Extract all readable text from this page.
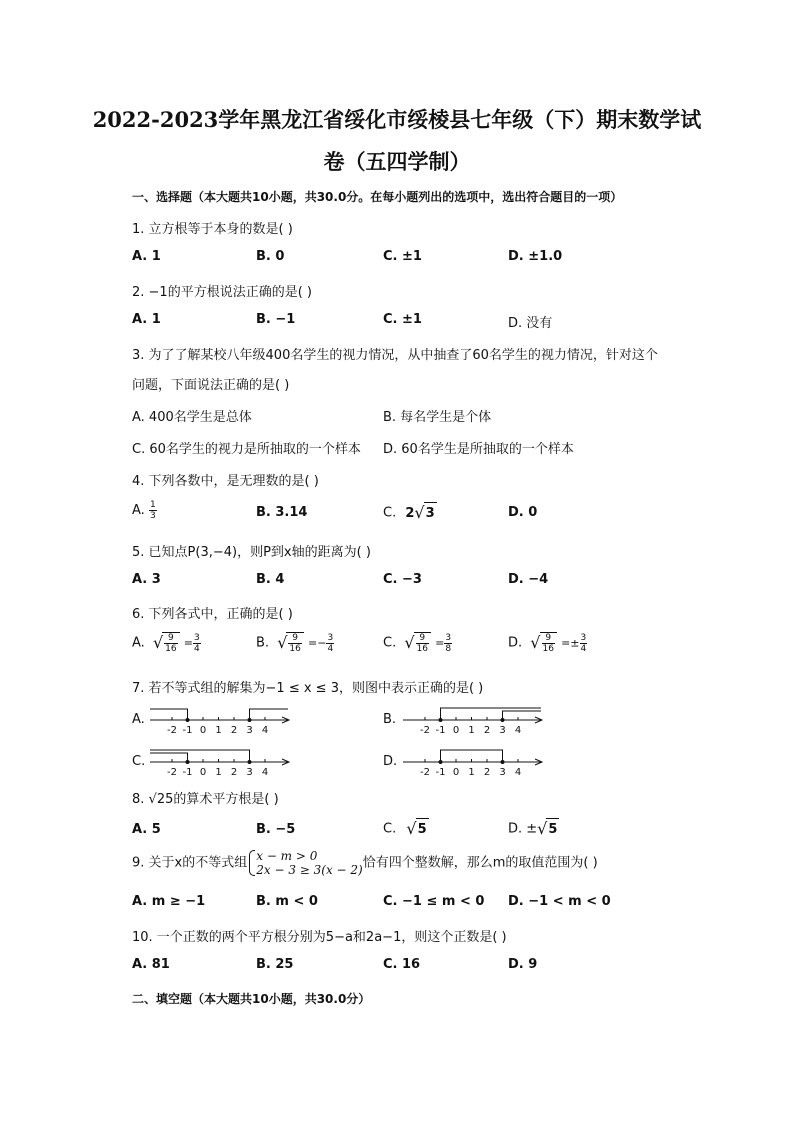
2022-2023学年黑龙江省绥化市绥棱县七年级（下）期末数学试
卷（五四学制）
一、选择题（本大题共10小题，共30.0分。在每小题列出的选项中，选出符合题目的一项）
1. 立方根等于本身的数是( )
A. 1	B. 0	C. ±1	D. ±1.0
2. −1的平方根说法正确的是( )
A. 1	B. −1	C. ±1	D. 没有
3. 为了了解某校八年级400名学生的视力情况，从中抽查了60名学生的视力情况，针对这个
问题，下面说法正确的是( )
A. 400名学生是总体	B. 每名学生是个体
C. 60名学生的视力是所抽取的一个样本 D. 60名学生是所抽取的一个样本
4. 下列各数中，是无理数的是( )
A. $\frac{1}{3}$	B. 3.14	C. 2 √ 3	D. 0
5. 已知点P(3,−4)，则P到x轴的距离为( )
A. 3	B. 4	C. −3	D. −4
6. 下列各式中，正确的是( )
A. √ $\frac{9}{16} = \frac{3}{4}$	B. √ $\frac{9}{16} =- \frac{3}{4}$	C. √ $\frac{9}{16} = \frac{3}{8}$	D. √ $\frac{9}{16} =\pm \frac{3}{4}$
7. 若不等式组的解集为−1 ≤ x ≤ 3，则图中表示正确的是( )
A.	B.
C.	D.
-2 -1 0 1 2 3 4	-2 -1 0 1 2 3 4
-2 -1 0 1 2 3 4	-2 -1 0 1 2 3 4
8. √25的算术平方根是( )
A. 5	B. −5	C. √ 5	D. ± √ 5
9. 关于x的不等式组 x − m > 0
2x − 3 ≥ 3(x − 2) 恰有四个整数解，那么m的取值范围为( )
A. m ≥ −1	B. m < 0	C. −1 ≤ m < 0 D. −1 < m < 0
10. 一个正数的两个平方根分别为5−a和2a−1，则这个正数是( )
A. 81	B. 25	C. 16	D. 9
二、填空题（本大题共10小题，共30.0分）
